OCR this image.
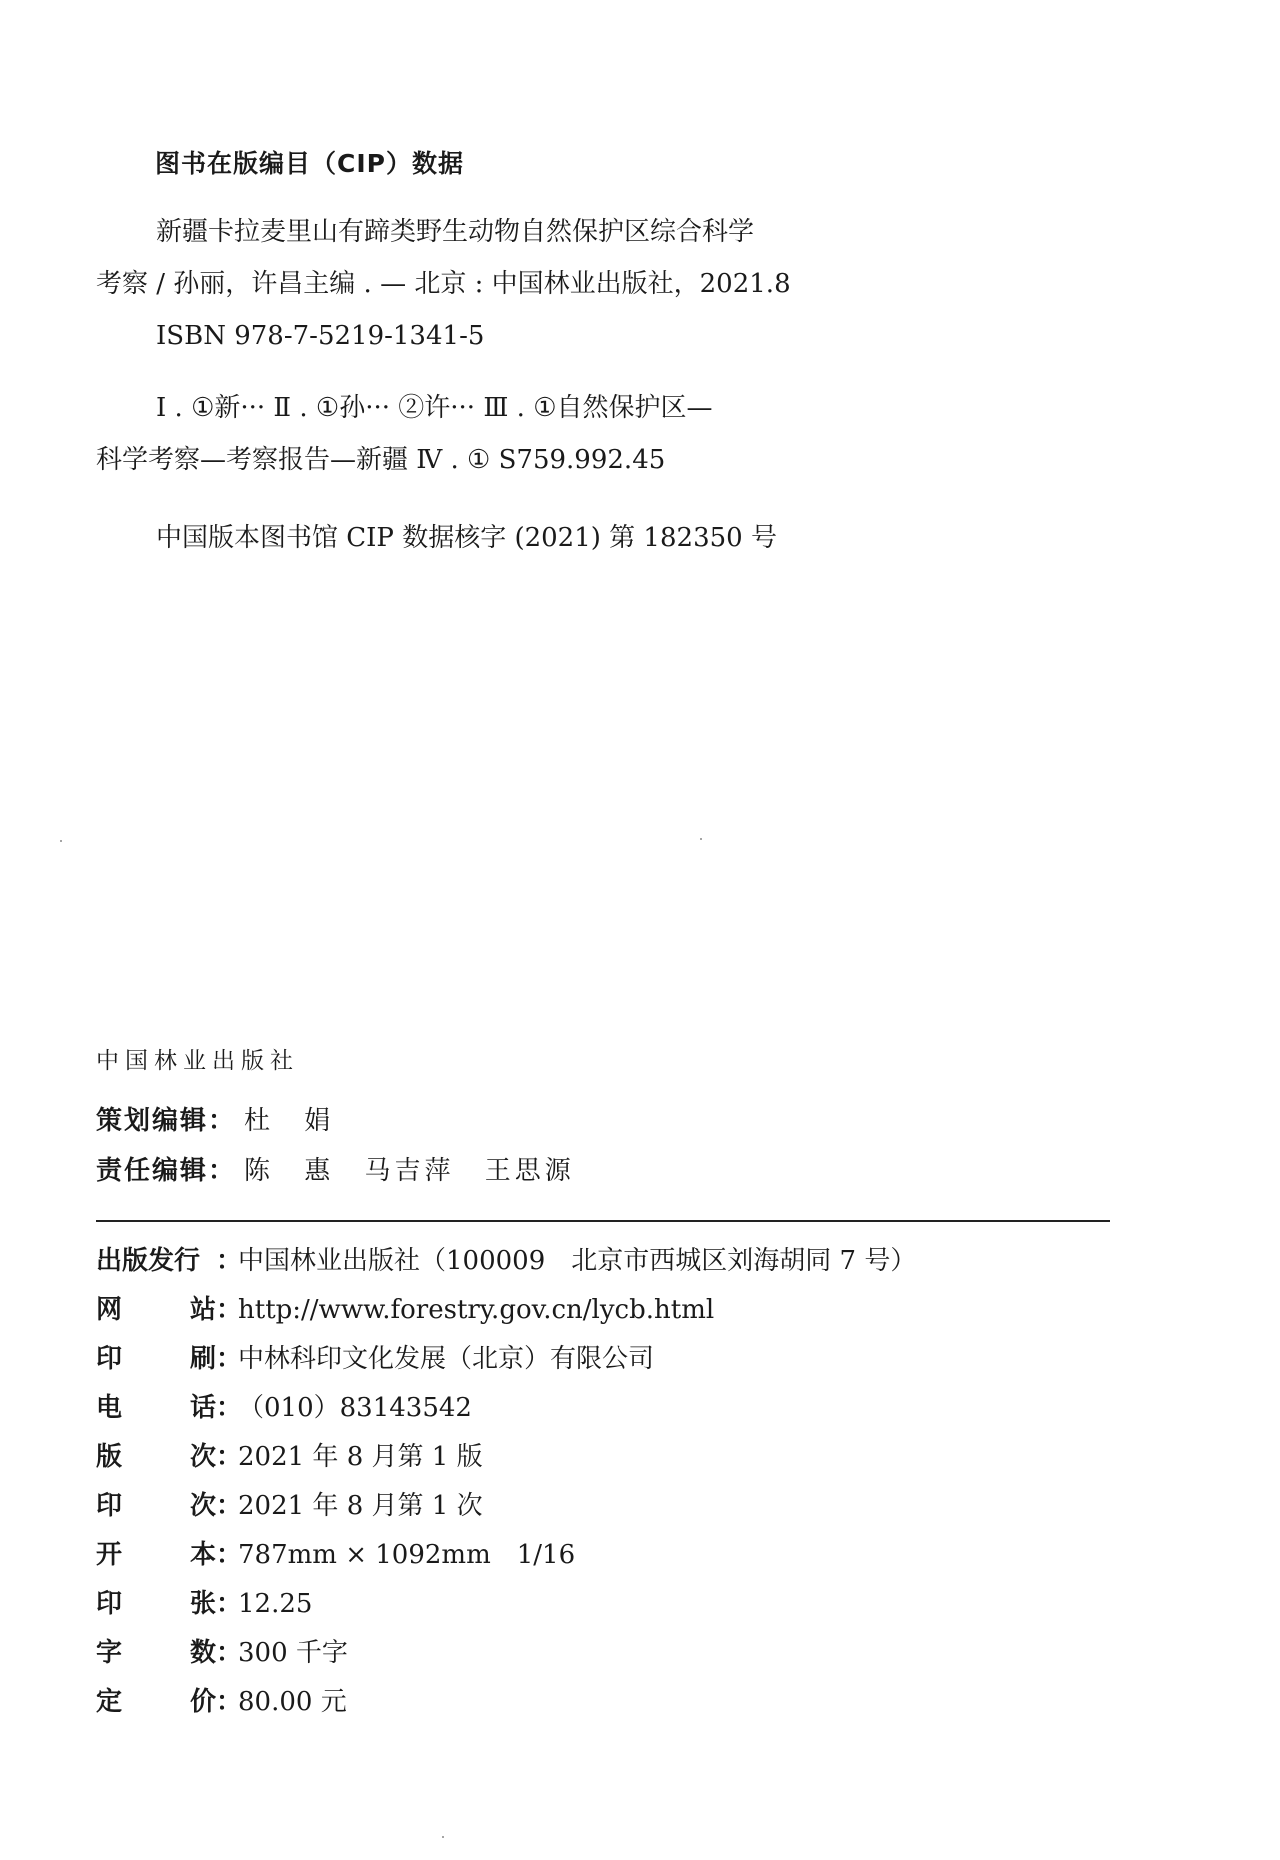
图书在版编目（CIP）数据

新疆卡拉麦里山有蹄类野生动物自然保护区综合科学

考察 / 孙丽，许昌主编 . — 北京 : 中国林业出版社，2021.8

ISBN 978-7-5219-1341-5

Ⅰ . ①新··· Ⅱ . ①孙··· ②许··· Ⅲ . ①自然保护区—

科学考察—考察报告—新疆 Ⅳ . ① S759.992.45

中国版本图书馆 CIP 数据核字 (2021) 第 182350 号

中国林业出版社
策划编辑： 杜 娟
责任编辑： 陈 惠 马吉萍 王思源
出版发行 ：
中国林业出版社（100009　北京市西城区刘海胡同 7 号）
网	站 ：
http://www.forestry.gov.cn/lycb.html
印	刷 ：
中林科印文化发展（北京）有限公司
电	话 ：
（010）83143542
版	次 ：
2021 年 8 月第 1 版
印	次 ：
2021 年 8 月第 1 次
开	本 ：
787mm × 1092mm　1/16
印	张 ：
12.25
字	数 ：
300 千字
定	价 ：
80.00 元
